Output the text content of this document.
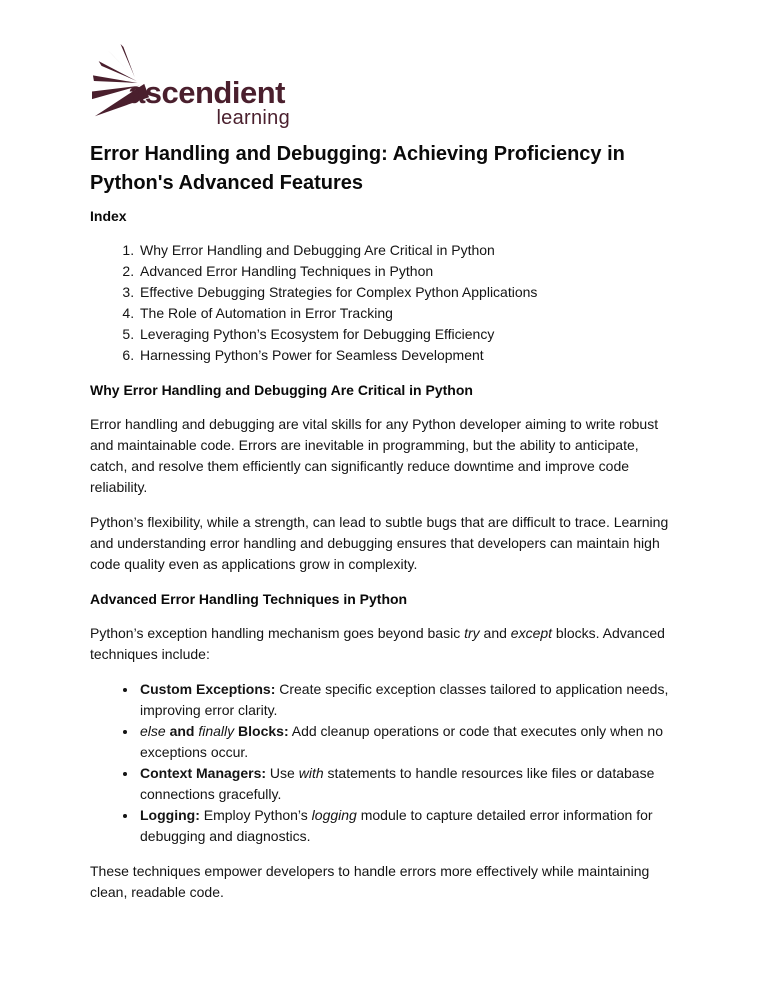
ascendient
learning
Error Handling and Debugging: Achieving Proficiency in
Python's Advanced Features
Index
1. Why Error Handling and Debugging Are Critical in Python
2. Advanced Error Handling Techniques in Python
3. Effective Debugging Strategies for Complex Python Applications
4. The Role of Automation in Error Tracking
5. Leveraging Python’s Ecosystem for Debugging Efficiency
6. Harnessing Python’s Power for Seamless Development
Why Error Handling and Debugging Are Critical in Python

Error handling and debugging are vital skills for any Python developer aiming to write robust and maintainable code. Errors are inevitable in programming, but the ability to anticipate, catch, and resolve them efficiently can significantly reduce downtime and improve code reliability.

Python’s flexibility, while a strength, can lead to subtle bugs that are difficult to trace. Learning and understanding error handling and debugging ensures that developers can maintain high code quality even as applications grow in complexity.

Advanced Error Handling Techniques in Python

Python’s exception handling mechanism goes beyond basic try and except blocks. Advanced techniques include:

• Custom Exceptions: Create specific exception classes tailored to application needs, improving error clarity.
• else and finally Blocks: Add cleanup operations or code that executes only when no exceptions occur.
• Context Managers: Use with statements to handle resources like files or database connections gracefully.
• Logging: Employ Python’s logging module to capture detailed error information for debugging and diagnostics.

These techniques empower developers to handle errors more effectively while maintaining clean, readable code.
